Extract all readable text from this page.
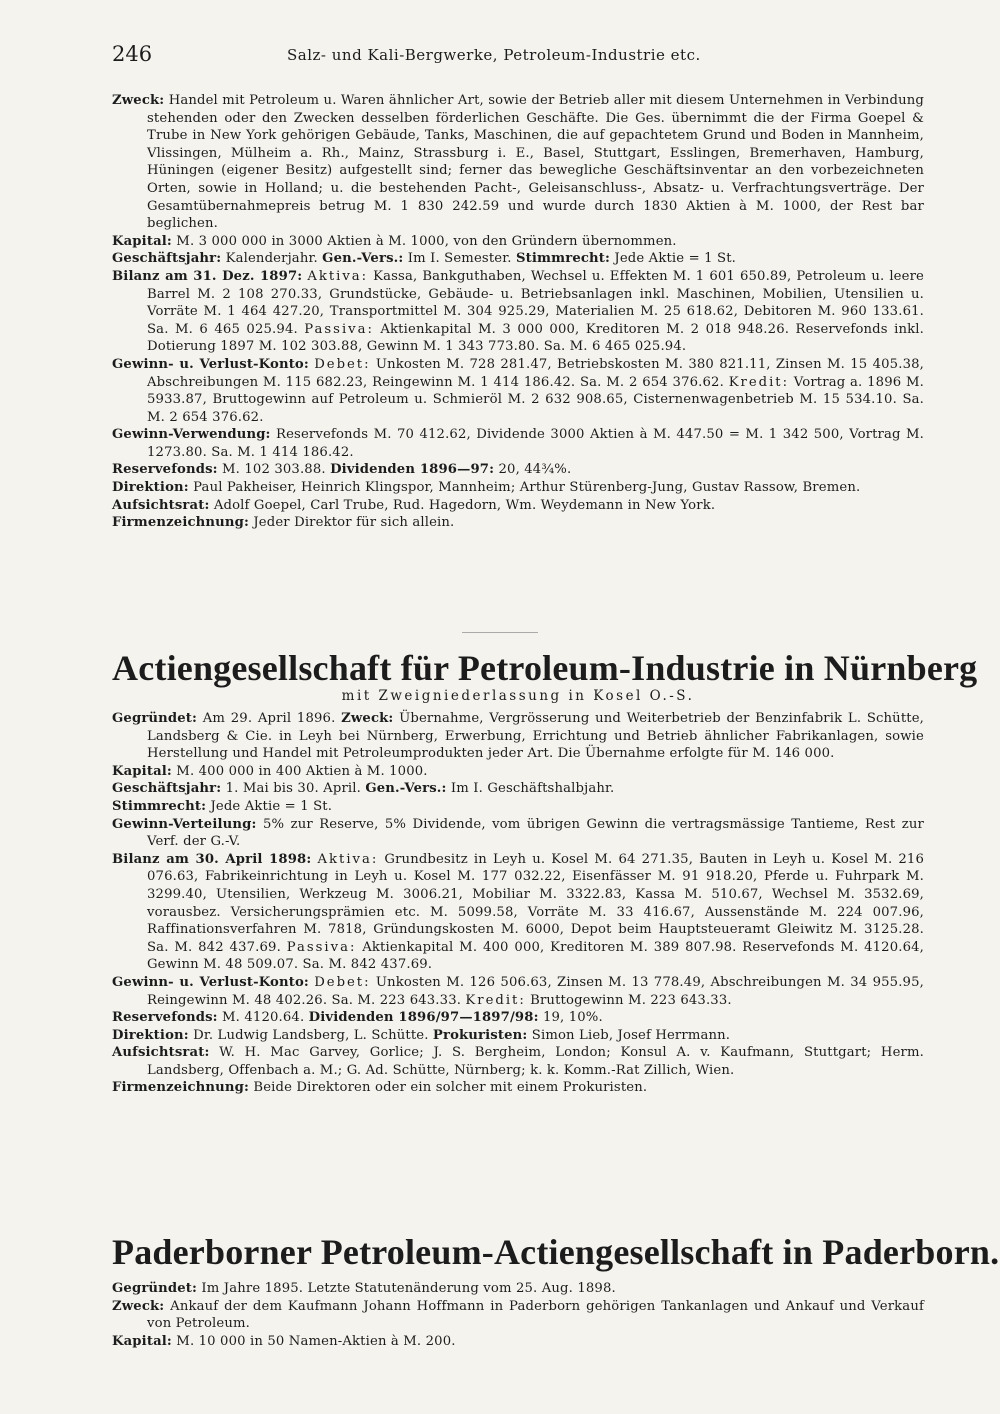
246	Salz- und Kali-Bergwerke, Petroleum-Industrie etc.

Zweck: Handel mit Petroleum u. Waren ähnlicher Art, sowie der Betrieb aller mit diesem Unternehmen in Verbindung stehenden oder den Zwecken desselben förderlichen Geschäfte. Die Ges. übernimmt die der Firma Goepel & Trube in New York gehörigen Gebäude, Tanks, Maschinen, die auf gepachtetem Grund und Boden in Mannheim, Vlissingen, Mülheim a. Rh., Mainz, Strassburg i. E., Basel, Stuttgart, Esslingen, Bremerhaven, Hamburg, Hüningen (eigener Besitz) aufgestellt sind; ferner das bewegliche Geschäftsinventar an den vorbezeichneten Orten, sowie in Holland; u. die bestehenden Pacht-, Geleisanschluss-, Absatz- u. Verfrachtungsverträge. Der Gesamtübernahmepreis betrug M. 1 830 242.59 und wurde durch 1830 Aktien à M. 1000, der Rest bar beglichen.

Kapital: M. 3 000 000 in 3000 Aktien à M. 1000, von den Gründern übernommen.

Geschäftsjahr: Kalenderjahr. Gen.-Vers.: Im I. Semester. Stimmrecht: Jede Aktie = 1 St.

Bilanz am 31. Dez. 1897: Aktiva: Kassa, Bankguthaben, Wechsel u. Effekten M. 1 601 650.89, Petroleum u. leere Barrel M. 2 108 270.33, Grundstücke, Gebäude- u. Betriebsanlagen inkl. Maschinen, Mobilien, Utensilien u. Vorräte M. 1 464 427.20, Transportmittel M. 304 925.29, Materialien M. 25 618.62, Debitoren M. 960 133.61. Sa. M. 6 465 025.94. Passiva: Aktienkapital M. 3 000 000, Kreditoren M. 2 018 948.26. Reservefonds inkl. Dotierung 1897 M. 102 303.88, Gewinn M. 1 343 773.80. Sa. M. 6 465 025.94.

Gewinn- u. Verlust-Konto: Debet: Unkosten M. 728 281.47, Betriebskosten M. 380 821.11, Zinsen M. 15 405.38, Abschreibungen M. 115 682.23, Reingewinn M. 1 414 186.42. Sa. M. 2 654 376.62. Kredit: Vortrag a. 1896 M. 5933.87, Bruttogewinn auf Petroleum u. Schmieröl M. 2 632 908.65, Cisternenwagenbetrieb M. 15 534.10. Sa. M. 2 654 376.62.

Gewinn-Verwendung: Reservefonds M. 70 412.62, Dividende 3000 Aktien à M. 447.50 = M. 1 342 500, Vortrag M. 1273.80. Sa. M. 1 414 186.42.

Reservefonds: M. 102 303.88. Dividenden 1896—97: 20, 44¾%.

Direktion: Paul Pakheiser, Heinrich Klingspor, Mannheim; Arthur Stürenberg-Jung, Gustav Rassow, Bremen.

Aufsichtsrat: Adolf Goepel, Carl Trube, Rud. Hagedorn, Wm. Weydemann in New York.

Firmenzeichnung: Jeder Direktor für sich allein.

Actiengesellschaft für Petroleum-Industrie in Nürnberg

mit Zweigniederlassung in Kosel O.-S.

Gegründet: Am 29. April 1896. Zweck: Übernahme, Vergrösserung und Weiterbetrieb der Benzinfabrik L. Schütte, Landsberg & Cie. in Leyh bei Nürnberg, Erwerbung, Errichtung und Betrieb ähnlicher Fabrikanlagen, sowie Herstellung und Handel mit Petroleumprodukten jeder Art. Die Übernahme erfolgte für M. 146 000.

Kapital: M. 400 000 in 400 Aktien à M. 1000.

Geschäftsjahr: 1. Mai bis 30. April. Gen.-Vers.: Im I. Geschäftshalbjahr.

Stimmrecht: Jede Aktie = 1 St.

Gewinn-Verteilung: 5% zur Reserve, 5% Dividende, vom übrigen Gewinn die vertragsmässige Tantieme, Rest zur Verf. der G.-V.

Bilanz am 30. April 1898: Aktiva: Grundbesitz in Leyh u. Kosel M. 64 271.35, Bauten in Leyh u. Kosel M. 216 076.63, Fabrikeinrichtung in Leyh u. Kosel M. 177 032.22, Eisenfässer M. 91 918.20, Pferde u. Fuhrpark M. 3299.40, Utensilien, Werkzeug M. 3006.21, Mobiliar M. 3322.83, Kassa M. 510.67, Wechsel M. 3532.69, vorausbez. Versicherungsprämien etc. M. 5099.58, Vorräte M. 33 416.67, Aussenstände M. 224 007.96, Raffinationsverfahren M. 7818, Gründungskosten M. 6000, Depot beim Hauptsteueramt Gleiwitz M. 3125.28. Sa. M. 842 437.69. Passiva: Aktienkapital M. 400 000, Kreditoren M. 389 807.98. Reservefonds M. 4120.64, Gewinn M. 48 509.07. Sa. M. 842 437.69.

Gewinn- u. Verlust-Konto: Debet: Unkosten M. 126 506.63, Zinsen M. 13 778.49, Abschreibungen M. 34 955.95, Reingewinn M. 48 402.26. Sa. M. 223 643.33. Kredit: Bruttogewinn M. 223 643.33.

Reservefonds: M. 4120.64. Dividenden 1896/97—1897/98: 19, 10%.

Direktion: Dr. Ludwig Landsberg, L. Schütte. Prokuristen: Simon Lieb, Josef Herrmann.

Aufsichtsrat: W. H. Mac Garvey, Gorlice; J. S. Bergheim, London; Konsul A. v. Kaufmann, Stuttgart; Herm. Landsberg, Offenbach a. M.; G. Ad. Schütte, Nürnberg; k. k. Komm.-Rat Zillich, Wien.

Firmenzeichnung: Beide Direktoren oder ein solcher mit einem Prokuristen.

Paderborner Petroleum-Actiengesellschaft in Paderborn.

Gegründet: Im Jahre 1895. Letzte Statutenänderung vom 25. Aug. 1898.

Zweck: Ankauf der dem Kaufmann Johann Hoffmann in Paderborn gehörigen Tankanlagen und Ankauf und Verkauf von Petroleum.

Kapital: M. 10 000 in 50 Namen-Aktien à M. 200.
